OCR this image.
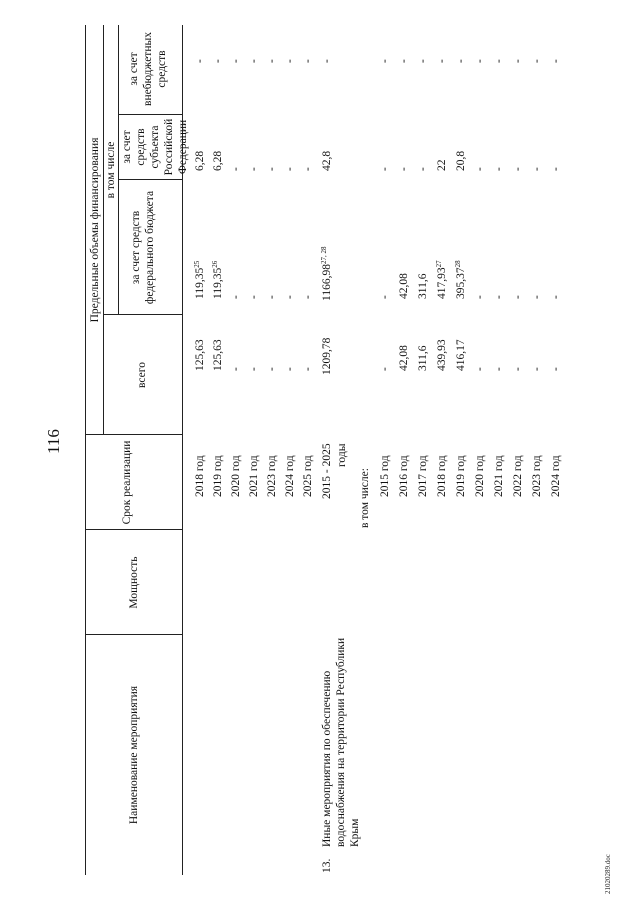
116
21020289.doc
Наименование мероприятия
Мощность
Срок реализации
Предельные объемы финансирования
всего
в том числе
за счет средств федерального бюджета
за счет средств субъекта Российской Федерации
за счет внебюджетных средств
2018 год
125,63
119,35$^{25}$
6,28
-
2019 год
125,63
119,35$^{26}$
6,28
-
2020 год
-
-
-
-
2021 год
-
-
-
-
2023 год
-
-
-
-
2024 год
-
-
-
-
2025 год
-
-
-
-
13.
Иные мероприятия по обеспечению водоснабжения на территории Республики Крым
2015 - 2025 годы
1209,78
1166,98$^{27, 28}$
42,8
-
в том числе: 2015 год
-
-
-
-
2016 год
42,08
42,08
-
-
2017 год
311,6
311,6
-
-
2018 год
439,93
417,93$^{27}$
22
-
2019 год
416,17
395,37$^{28}$
20,8
-
2020 год
-
-
-
-
2021 год
-
-
-
-
2022 год
-
-
-
-
2023 год
-
-
-
-
2024 год
-
-
-
-
